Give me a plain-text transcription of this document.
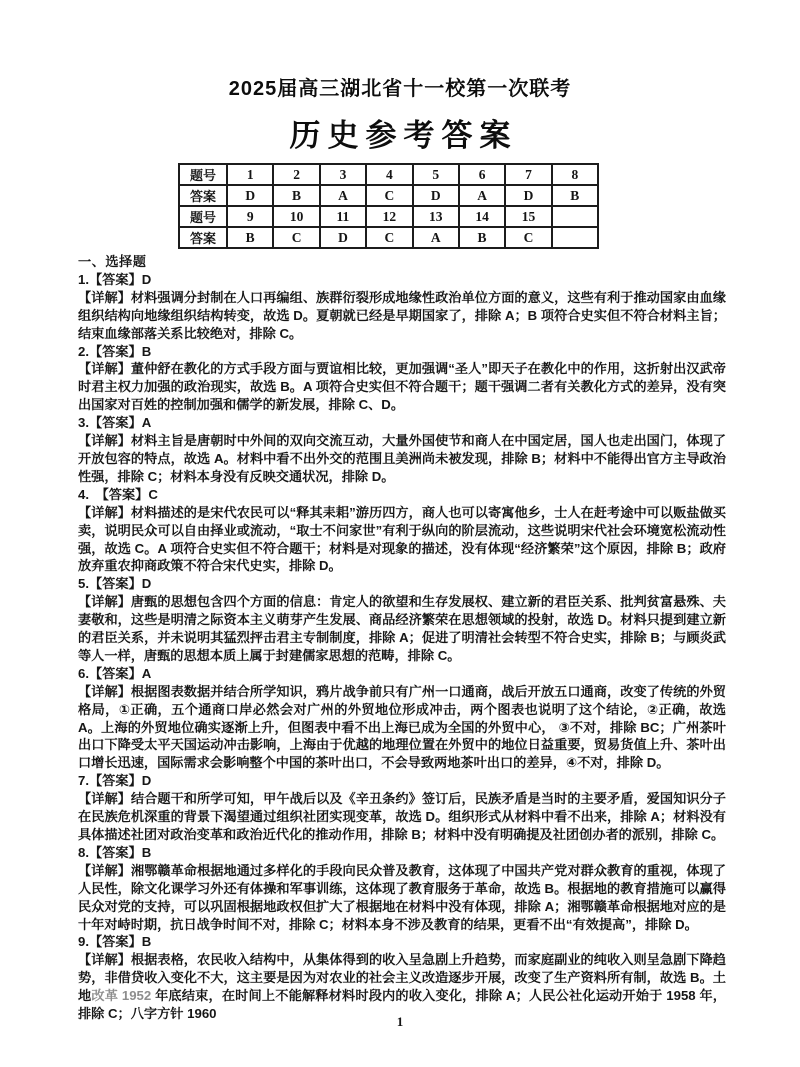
2025届高三湖北省十一校第一次联考
历史参考答案
题号	1	2	3	4	5	6	7	8
答案	D	B	A	C	D	A	D	B
题号	9	10	11	12	13	14	15	
答案	B	C	D	C	A	B	C	
一、选择题
1.【答案】D

【详解】材料强调分封制在人口再编组、族群衍裂形成地缘性政治单位方面的意义，这些有利于推动国家由血缘组织结构向地缘组织结构转变，故选 D。夏朝就已经是早期国家了，排除 A；B 项符合史实但不符合材料主旨；结束血缘部落关系比较绝对，排除 C。

2.【答案】B

【详解】董仲舒在教化的方式手段方面与贾谊相比较，更加强调“圣人”即天子在教化中的作用，这折射出汉武帝时君主权力加强的政治现实，故选 B。A 项符合史实但不符合题干；题干强调二者有关教化方式的差异，没有突出国家对百姓的控制加强和儒学的新发展，排除 C、D。

3.【答案】A

【详解】材料主旨是唐朝时中外间的双向交流互动，大量外国使节和商人在中国定居，国人也走出国门，体现了开放包容的特点，故选 A。材料中看不出外交的范围且美洲尚未被发现，排除 B；材料中不能得出官方主导政治性强，排除 C；材料本身没有反映交通状况，排除 D。

4.　【答案】C

【详解】材料描述的是宋代农民可以“释其耒耜”游历四方，商人也可以寄寓他乡，士人在赶考途中可以贩盐做买卖，说明民众可以自由择业或流动，“取士不问家世”有利于纵向的阶层流动，这些说明宋代社会环境宽松流动性强，故选 C。A 项符合史实但不符合题干；材料是对现象的描述，没有体现“经济繁荣”这个原因，排除 B；政府放弃重农抑商政策不符合宋代史实，排除 D。

5.【答案】D

【详解】唐甄的思想包含四个方面的信息：肯定人的欲望和生存发展权、建立新的君臣关系、批判贫富悬殊、夫妻敬和，这些是明清之际资本主义萌芽产生发展、商品经济繁荣在思想领域的投射，故选 D。材料只提到建立新的君臣关系，并未说明其猛烈抨击君主专制制度，排除 A；促进了明清社会转型不符合史实，排除 B；与顾炎武等人一样，唐甄的思想本质上属于封建儒家思想的范畴，排除 C。

6.【答案】A

【详解】根据图表数据并结合所学知识，鸦片战争前只有广州一口通商，战后开放五口通商，改变了传统的外贸格局，①正确，五个通商口岸必然会对广州的外贸地位形成冲击，两个图表也说明了这个结论，②正确，故选 A。上海的外贸地位确实逐渐上升，但图表中看不出上海已成为全国的外贸中心， ③不对，排除 BC；广州茶叶出口下降受太平天国运动冲击影响，上海由于优越的地理位置在外贸中的地位日益重要，贸易货值上升、茶叶出口增长迅速，国际需求会影响整个中国的茶叶出口，不会导致两地茶叶出口的差异，④不对，排除 D。

7.【答案】D

【详解】结合题干和所学可知，甲午战后以及《辛丑条约》签订后，民族矛盾是当时的主要矛盾，爱国知识分子在民族危机深重的背景下渴望通过组织社团实现变革，故选 D。组织形式从材料中看不出来，排除 A；材料没有具体描述社团对政治变革和政治近代化的推动作用，排除 B；材料中没有明确提及社团创办者的派别，排除 C。

8.【答案】B

【详解】湘鄂赣革命根据地通过多样化的手段向民众普及教育，这体现了中国共产党对群众教育的重视，体现了人民性，除文化课学习外还有体操和军事训练，这体现了教育服务于革命，故选 B。根据地的教育措施可以赢得民众对党的支持，可以巩固根据地政权但扩大了根据地在材料中没有体现，排除 A；湘鄂赣革命根据地对应的是十年对峙时期，抗日战争时间不对，排除 C；材料本身不涉及教育的结果，更看不出“有效提高”，排除 D。

9.【答案】B

【详解】根据表格，农民收入结构中，从集体得到的收入呈急剧上升趋势，而家庭副业的纯收入则呈急剧下降趋势，非借贷收入变化不大，这主要是因为对农业的社会主义改造逐步开展，改变了生产资料所有制，故选 B。土地改革 1952 年底结束，在时间上不能解释材料时段内的收入变化，排除 A；人民公社化运动开始于 1958 年，排除 C；八字方针 1960

1
